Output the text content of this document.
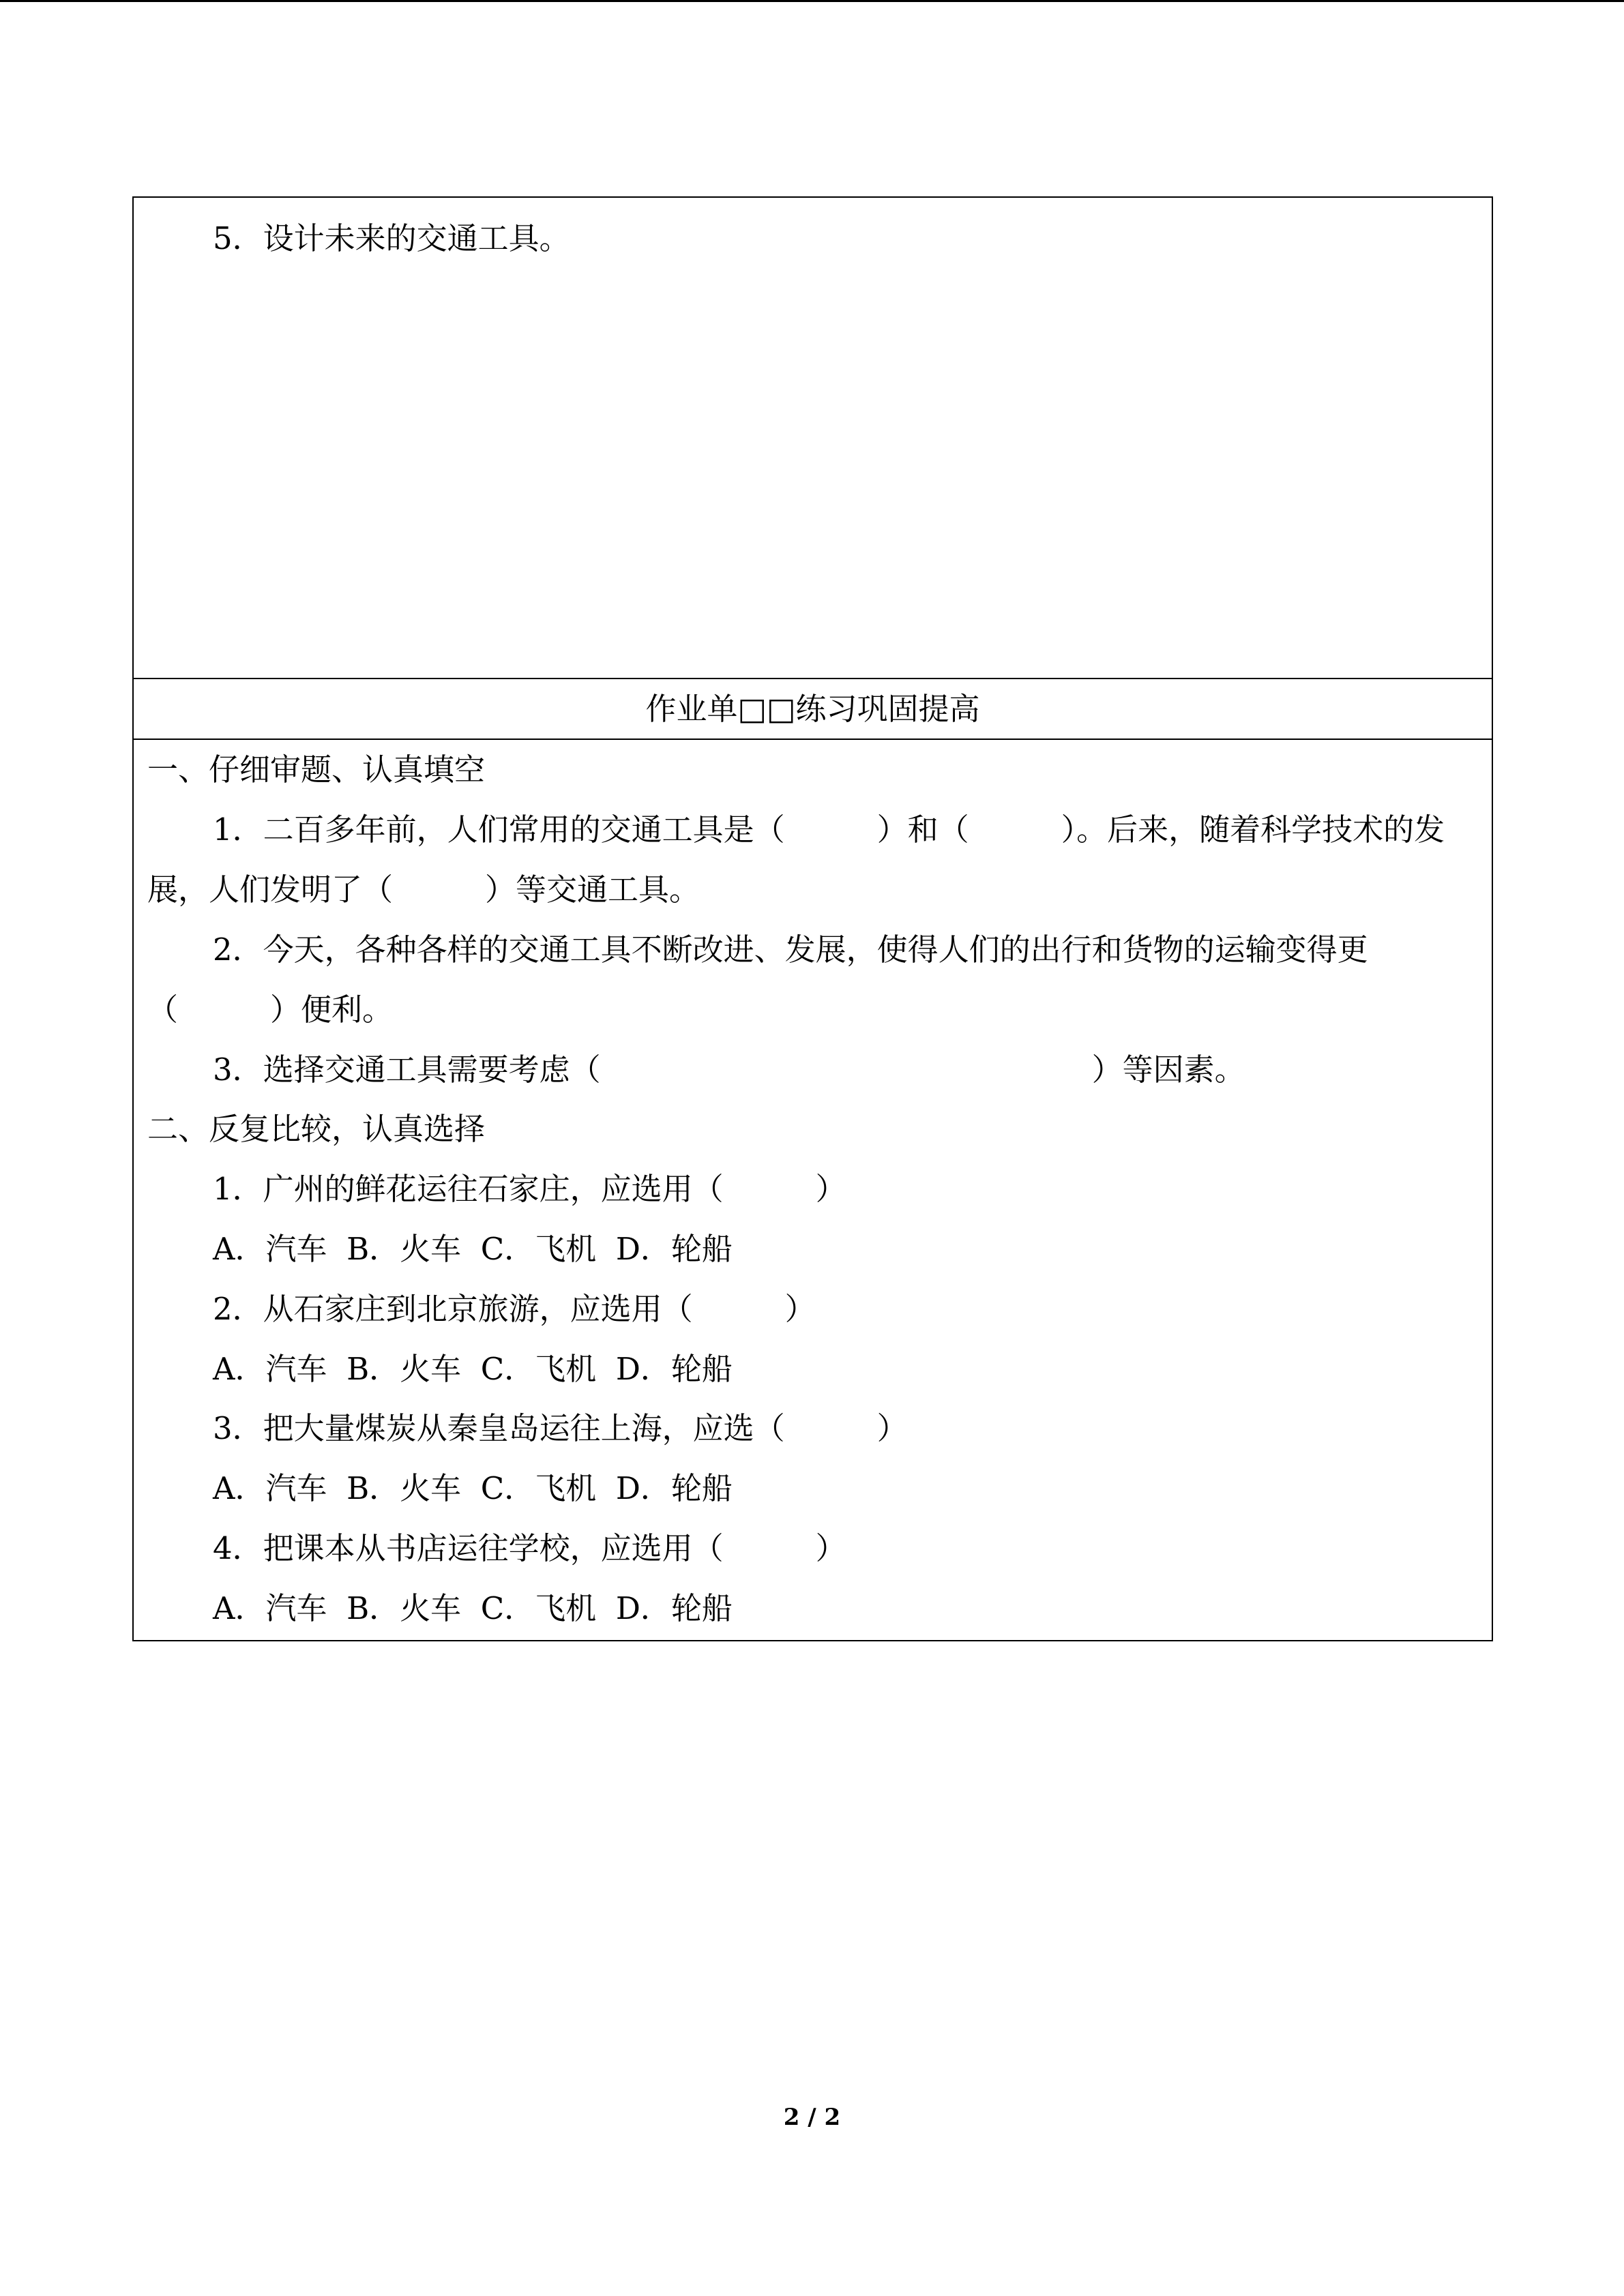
5．设计未来的交通工具。
作业单□□练习巩固提高
一、仔细审题、认真填空
1．二百多年前，人们常用的交通工具是（　　　）和（　　　）。后来，随着科学技术的发
展，人们发明了（　　　）等交通工具。
2．今天，各种各样的交通工具不断改进、发展，使得人们的出行和货物的运输变得更
（　　　）便利。
3．选择交通工具需要考虑（　　　　　　　　　　　　　　　　）等因素。
二、反复比较，认真选择
1．广州的鲜花运往石家庄，应选用（　　　）
A．汽车  B．火车  C．飞机  D．轮船
2．从石家庄到北京旅游，应选用（　　　）
A．汽车  B．火车  C．飞机  D．轮船
3．把大量煤炭从秦皇岛运往上海，应选（　　　）
A．汽车  B．火车  C．飞机  D．轮船
4．把课本从书店运往学校，应选用（　　　）
A．汽车  B．火车  C．飞机  D．轮船
2 / 2
